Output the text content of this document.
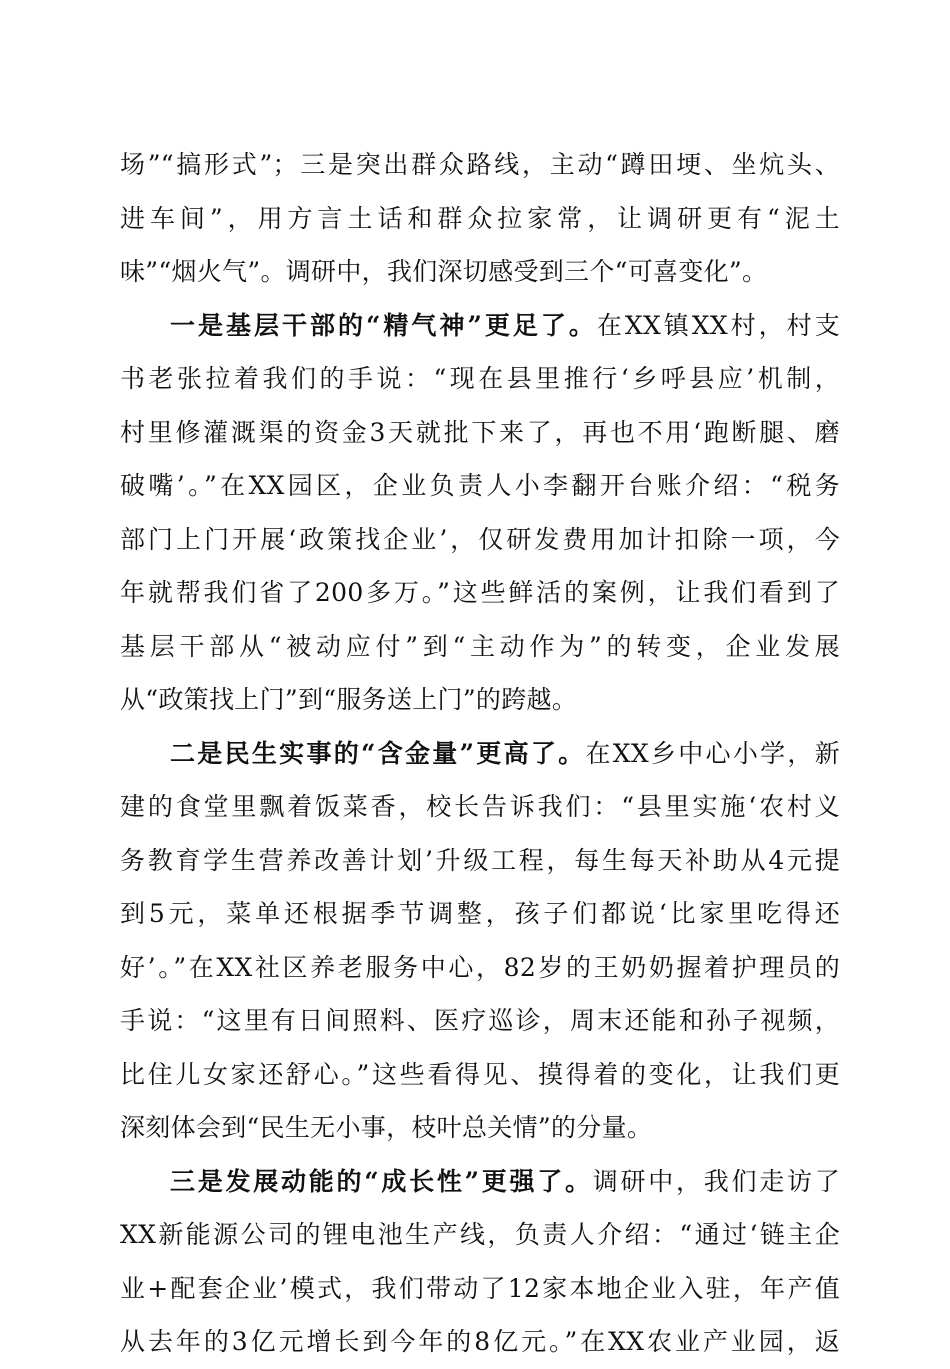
场”“搞形式”；三是突出群众路线，主动“蹲田埂、坐炕头、
进车间”，用方言土话和群众拉家常，让调研更有“泥土
味”“烟火气”。调研中，我们深切感受到三个“可喜变化”。
一是基层干部的“精气神”更足了。在XX镇XX村，村支
书老张拉着我们的手说：“现在县里推行‘乡呼县应’机制，
村里修灌溉渠的资金3天就批下来了，再也不用‘跑断腿、磨
破嘴’。”在XX园区，企业负责人小李翻开台账介绍：“税务
部门上门开展‘政策找企业’，仅研发费用加计扣除一项，今
年就帮我们省了200多万。”这些鲜活的案例，让我们看到了
基层干部从“被动应付”到“主动作为”的转变，企业发展
从“政策找上门”到“服务送上门”的跨越。
二是民生实事的“含金量”更高了。在XX乡中心小学，新
建的食堂里飘着饭菜香，校长告诉我们：“县里实施‘农村义
务教育学生营养改善计划’升级工程，每生每天补助从4元提
到5元，菜单还根据季节调整，孩子们都说‘比家里吃得还
好’。”在XX社区养老服务中心，82岁的王奶奶握着护理员的
手说：“这里有日间照料、医疗巡诊，周末还能和孙子视频，
比住儿女家还舒心。”这些看得见、摸得着的变化，让我们更
深刻体会到“民生无小事，枝叶总关情”的分量。
三是发展动能的“成长性”更强了。调研中，我们走访了
XX新能源公司的锂电池生产线，负责人介绍：“通过‘链主企
业+配套企业’模式，我们带动了12家本地企业入驻，年产值
从去年的3亿元增长到今年的8亿元。”在XX农业产业园，返
